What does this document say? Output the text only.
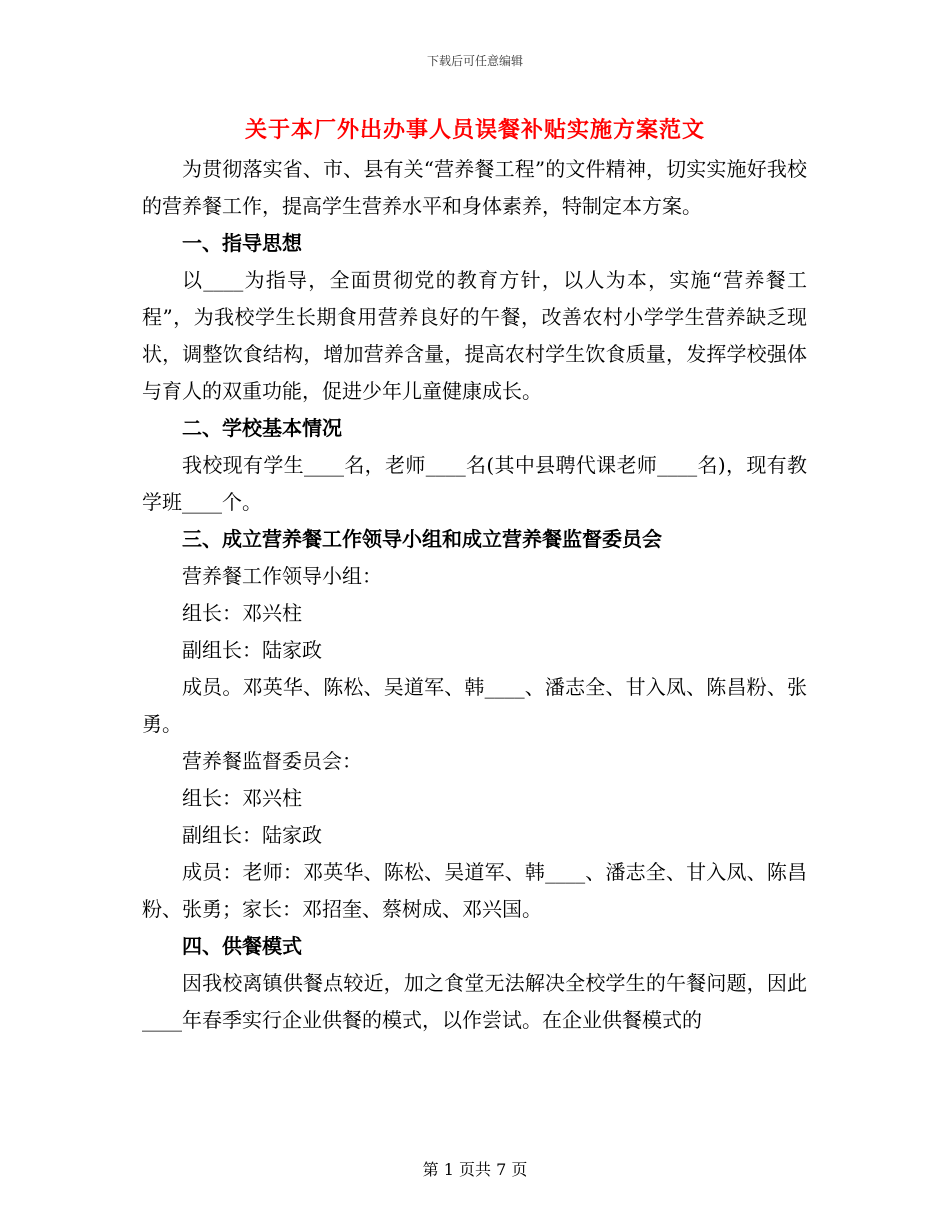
下载后可任意编辑
关于本厂外出办事人员误餐补贴实施方案范文

为贯彻落实省、市、县有关“营养餐工程”的文件精神，切实实施好我校的营养餐工作，提高学生营养水平和身体素养，特制定本方案。

一、指导思想

以____为指导，全面贯彻党的教育方针，以人为本，实施“营养餐工程”，为我校学生长期食用营养良好的午餐，改善农村小学学生营养缺乏现状，调整饮食结构，增加营养含量，提高农村学生饮食质量，发挥学校强体与育人的双重功能，促进少年儿童健康成长。

二、学校基本情况

我校现有学生____名，老师____名(其中县聘代课老师____名)，现有教学班____个。

三、成立营养餐工作领导小组和成立营养餐监督委员会

营养餐工作领导小组：

组长：邓兴柱

副组长：陆家政

成员。邓英华、陈松、吴道军、韩____、潘志全、甘入凤、陈昌粉、张勇。

营养餐监督委员会：

组长：邓兴柱

副组长：陆家政

成员：老师：邓英华、陈松、吴道军、韩____、潘志全、甘入凤、陈昌粉、张勇；家长：邓招奎、蔡树成、邓兴国。

四、供餐模式

因我校离镇供餐点较近，加之食堂无法解决全校学生的午餐问题，因此____年春季实行企业供餐的模式，以作尝试。在企业供餐模式的

第 1 页共 7 页
